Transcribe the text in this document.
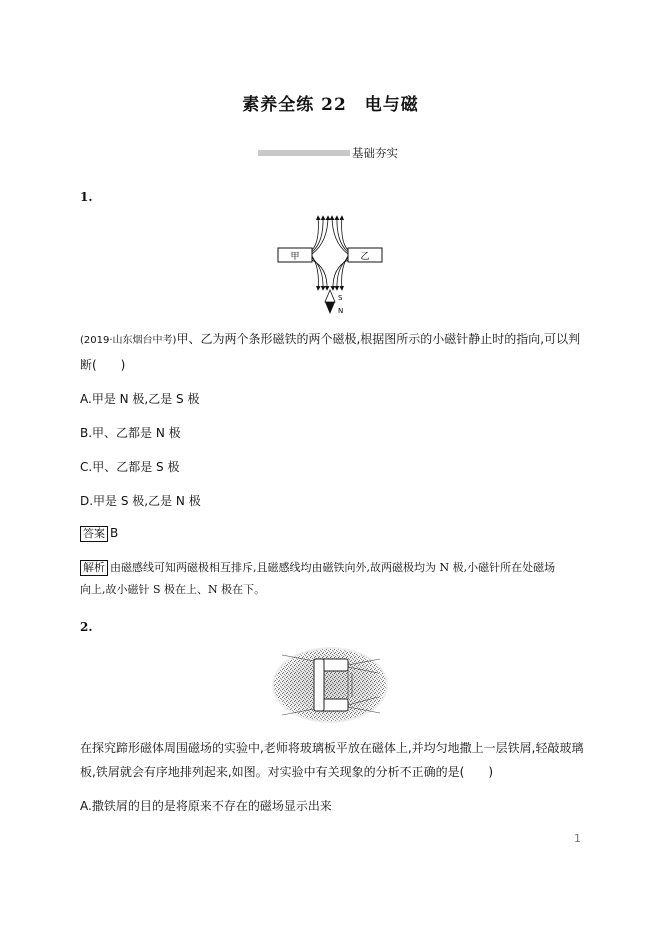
素养全练 22　电与磁
基础夯实
1.
甲	乙
S
N
(2019·山东烟台中考)甲、乙为两个条形磁铁的两个磁极,根据图所示的小磁针静止时的指向,可以判
断(　　)
A.甲是 N 极,乙是 S 极
B.甲、乙都是 N 极
C.甲、乙都是 S 极
D.甲是 S 极,乙是 N 极
答案 B
解析 由磁感线可知两磁极相互排斥,且磁感线均由磁铁向外,故两磁极均为 N 极,小磁针所在处磁场
向上,故小磁针 S 极在上、N 极在下。
2.
在探究蹄形磁体周围磁场的实验中,老师将玻璃板平放在磁体上,并均匀地撒上一层铁屑,轻敲玻璃
板,铁屑就会有序地排列起来,如图。对实验中有关现象的分析不正确的是(　　)
A.撒铁屑的目的是将原来不存在的磁场显示出来
1
